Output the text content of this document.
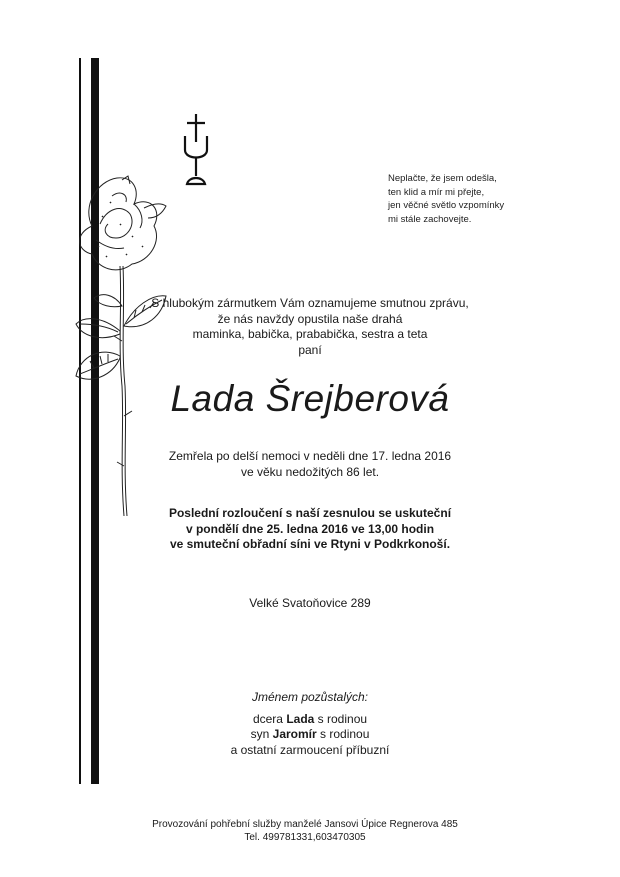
Neplačte, že jsem odešla,
ten klid a mír mi přejte,
jen věčné světlo vzpomínky
mi stále zachovejte.
S hlubokým zármutkem Vám oznamujeme smutnou zprávu,
že nás navždy opustila naše drahá
maminka, babička, prababička, sestra a teta
paní
Lada Šrejberová
Zemřela po delší nemoci v neděli dne 17. ledna 2016
ve věku nedožitých 86 let.
Poslední rozloučení s naší zesnulou se uskuteční
v pondělí dne 25. ledna 2016 ve 13,00 hodin
ve smuteční obřadní síni ve Rtyni v Podkrkonoší.
Velké Svatoňovice 289
Jménem pozůstalých:
dcera Lada s rodinou
syn Jaromír s rodinou
a ostatní zarmoucení příbuzní
Provozování pohřební služby manželé Jansovi Úpice Regnerova 485
Tel. 499781331,603470305
